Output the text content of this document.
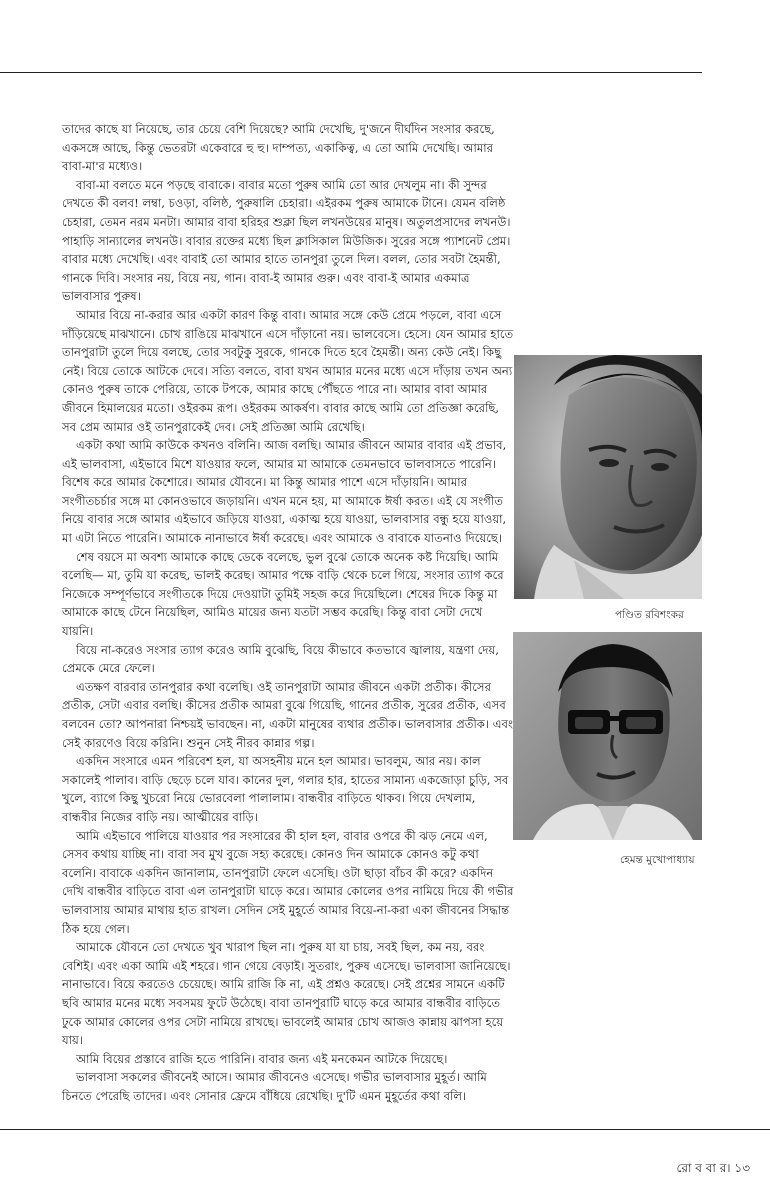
তাদের কাছে যা নিয়েছে, তার চেয়ে বেশি দিয়েছে? আমি দেখেছি, দু'জনে দীর্ঘদিন সংসার করছে, একসঙ্গে আছে, কিন্তু ভেতরটা একেবারে হু হু। দাম্পত্য, একাকিত্ব, এ তো আমি দেখেছি। আমার বাবা-মা'র মধ্যেও।

বাবা-মা বলতে মনে পড়ছে বাবাকে। বাবার মতো পুরুষ আমি তো আর দেখলুম না। কী সুন্দর দেখতে কী বলব! লম্বা, চওড়া, বলিষ্ঠ, পুরুষালি চেহারা। এইরকম পুরুষ আমাকে টানে। যেমন বলিষ্ঠ চেহারা, তেমন নরম মনটা। আমার বাবা হরিহর শুক্লা ছিল লখনউয়ের মানুষ। অতুলপ্রসাদের লখনউ। পাহাড়ি সান্যালের লখনউ। বাবার রক্তের মধ্যে ছিল ক্লাসিকাল মিউজিক। সুরের সঙ্গে প্যাশনেট প্রেম। বাবার মধ্যে দেখেছি। এবং বাবাই তো আমার হাতে তানপুরা তুলে দিল। বলল, তোর সবটা হৈমন্তী, গানকে দিবি। সংসার নয়, বিয়ে নয়, গান। বাবা-ই আমার গুরু। এবং বাবা-ই আমার একমাত্র ভালবাসার পুরুষ।

আমার বিয়ে না-করার আর একটা কারণ কিন্তু বাবা। আমার সঙ্গে কেউ প্রেমে পড়লে, বাবা এসে দাঁড়িয়েছে মাঝখানে। চোখ রাঙিয়ে মাঝখানে এসে দাঁড়ানো নয়। ভালবেসে। হেসে। যেন আমার হাতে তানপুরাটা তুলে দিয়ে বলছে, তোর সবটুকু সুরকে, গানকে দিতে হবে হৈমন্তী। অন্য কেউ নেই। কিছু নেই। বিয়ে তোকে আটকে দেবে। সত্যি বলতে, বাবা যখন আমার মনের মধ্যে এসে দাঁড়ায় তখন অন্য কোনও পুরুষ তাকে পেরিয়ে, তাকে টপকে, আমার কাছে পৌঁছতে পারে না। আমার বাবা আমার জীবনে হিমালয়ের মতো। ওইরকম রূপ। ওইরকম আকর্ষণ। বাবার কাছে আমি তো প্রতিজ্ঞা করেছি, সব প্রেম আমার ওই তানপুরাকেই দেব। সেই প্রতিজ্ঞা আমি রেখেছি।

একটা কথা আমি কাউকে কখনও বলিনি। আজ বলছি। আমার জীবনে আমার বাবার এই প্রভাব, এই ভালবাসা, এইভাবে মিশে যাওয়ার ফলে, আমার মা আমাকে তেমনভাবে ভালবাসতে পারেনি। বিশেষ করে আমার কৈশোরে। আমার যৌবনে। মা কিন্তু আমার পাশে এসে দাঁড়ায়নি। আমার সংগীতচর্চার সঙ্গে মা কোনওভাবে জড়ায়নি। এখন মনে হয়, মা আমাকে ঈর্ষা করত। এই যে সংগীত নিয়ে বাবার সঙ্গে আমার এইভাবে জড়িয়ে যাওয়া, একাত্ম হয়ে যাওয়া, ভালবাসার বন্ধু হয়ে যাওয়া, মা এটা নিতে পারেনি। আমাকে নানাভাবে ঈর্ষা করেছে। এবং আমাকে ও বাবাকে যাতনাও দিয়েছে।

শেষ বয়সে মা অবশ্য আমাকে কাছে ডেকে বলেছে, ভুল বুঝে তোকে অনেক কষ্ট দিয়েছি। আমি বলেছি— মা, তুমি যা করেছ, ভালই করেছ। আমার পক্ষে বাড়ি থেকে চলে গিয়ে, সংসার ত্যাগ করে নিজেকে সম্পূর্ণভাবে সংগীতকে দিয়ে দেওয়াটা তুমিই সহজ করে দিয়েছিলে। শেষের দিকে কিন্তু মা আমাকে কাছে টেনে নিয়েছিল, আমিও মায়ের জন্য যতটা সম্ভব করেছি। কিন্তু বাবা সেটা দেখে যায়নি।

বিয়ে না-করেও সংসার ত্যাগ করেও আমি বুঝেছি, বিয়ে কীভাবে কতভাবে জ্বালায়, যন্ত্রণা দেয়, প্রেমকে মেরে ফেলে।

এতক্ষণ বারবার তানপুরার কথা বলেছি। ওই তানপুরাটা আমার জীবনে একটা প্রতীক। কীসের প্রতীক, সেটা এবার বলছি। কীসের প্রতীক আমরা বুঝে গিয়েছি, গানের প্রতীক, সুরের প্রতীক, এসব বলবেন তো? আপনারা নিশ্চয়ই ভাবছেন। না, একটা মানুষের ব্যথার প্রতীক। ভালবাসার প্রতীক। এবং সেই কারণেও বিয়ে করিনি। শুনুন সেই নীরব কান্নার গল্প।

একদিন সংসারে এমন পরিবেশ হল, যা অসহনীয় মনে হল আমার। ভাবলুম, আর নয়। কাল সকালেই পালাব। বাড়ি ছেড়ে চলে যাব। কানের দুল, গলার হার, হাতের সামান্য একজোড়া চুড়ি, সব খুলে, ব্যাগে কিছু খুচরো নিয়ে ভোরবেলা পালালাম। বান্ধবীর বাড়িতে থাকব। গিয়ে দেখলাম, বান্ধবীর নিজের বাড়ি নয়। আত্মীয়ের বাড়ি।

আমি এইভাবে পালিয়ে যাওয়ার পর সংসারের কী হাল হল, বাবার ওপরে কী ঝড় নেমে এল, সেসব কথায় যাচ্ছি না। বাবা সব মুখ বুজে সহ্য করেছে। কোনও দিন আমাকে কোনও কটু কথা বলেনি। বাবাকে একদিন জানালাম, তানপুরাটা ফেলে এসেছি। ওটা ছাড়া বাঁচব কী করে? একদিন দেখি বান্ধবীর বাড়িতে বাবা এল তানপুরাটা ঘাড়ে করে। আমার কোলের ওপর নামিয়ে দিয়ে কী গভীর ভালবাসায় আমার মাথায় হাত রাখল। সেদিন সেই মুহূর্তে আমার বিয়ে-না-করা একা জীবনের সিদ্ধান্ত ঠিক হয়ে গেল।

আমাকে যৌবনে তো দেখতে খুব খারাপ ছিল না। পুরুষ যা যা চায়, সবই ছিল, কম নয়, বরং বেশিই। এবং একা আমি এই শহরে। গান গেয়ে বেড়াই। সুতরাং, পুরুষ এসেছে। ভালবাসা জানিয়েছে। নানাভাবে। বিয়ে করতেও চেয়েছে। আমি রাজি কি না, এই প্রশ্নও করেছে। সেই প্রশ্নের সামনে একটি ছবি আমার মনের মধ্যে সবসময় ফুটে উঠেছে। বাবা তানপুরাটি ঘাড়ে করে আমার বান্ধবীর বাড়িতে ঢুকে আমার কোলের ওপর সেটা নামিয়ে রাখছে। ভাবলেই আমার চোখ আজও কান্নায় ঝাপসা হয়ে যায়।

আমি বিয়ের প্রস্তাবে রাজি হতে পারিনি। বাবার জন্য এই মনকেমন আটকে দিয়েছে।

ভালবাসা সকলের জীবনেই আসে। আমার জীবনেও এসেছে। গভীর ভালবাসার মুহূর্ত। আমি চিনতে পেরেছি তাদের। এবং সোনার ফ্রেমে বাঁধিয়ে রেখেছি। দু'টি এমন মুহূর্তের কথা বলি।

পণ্ডিত রবিশংকর
হেমন্ত মুখোপাধ্যায়
রো ব বা র। ১৩
